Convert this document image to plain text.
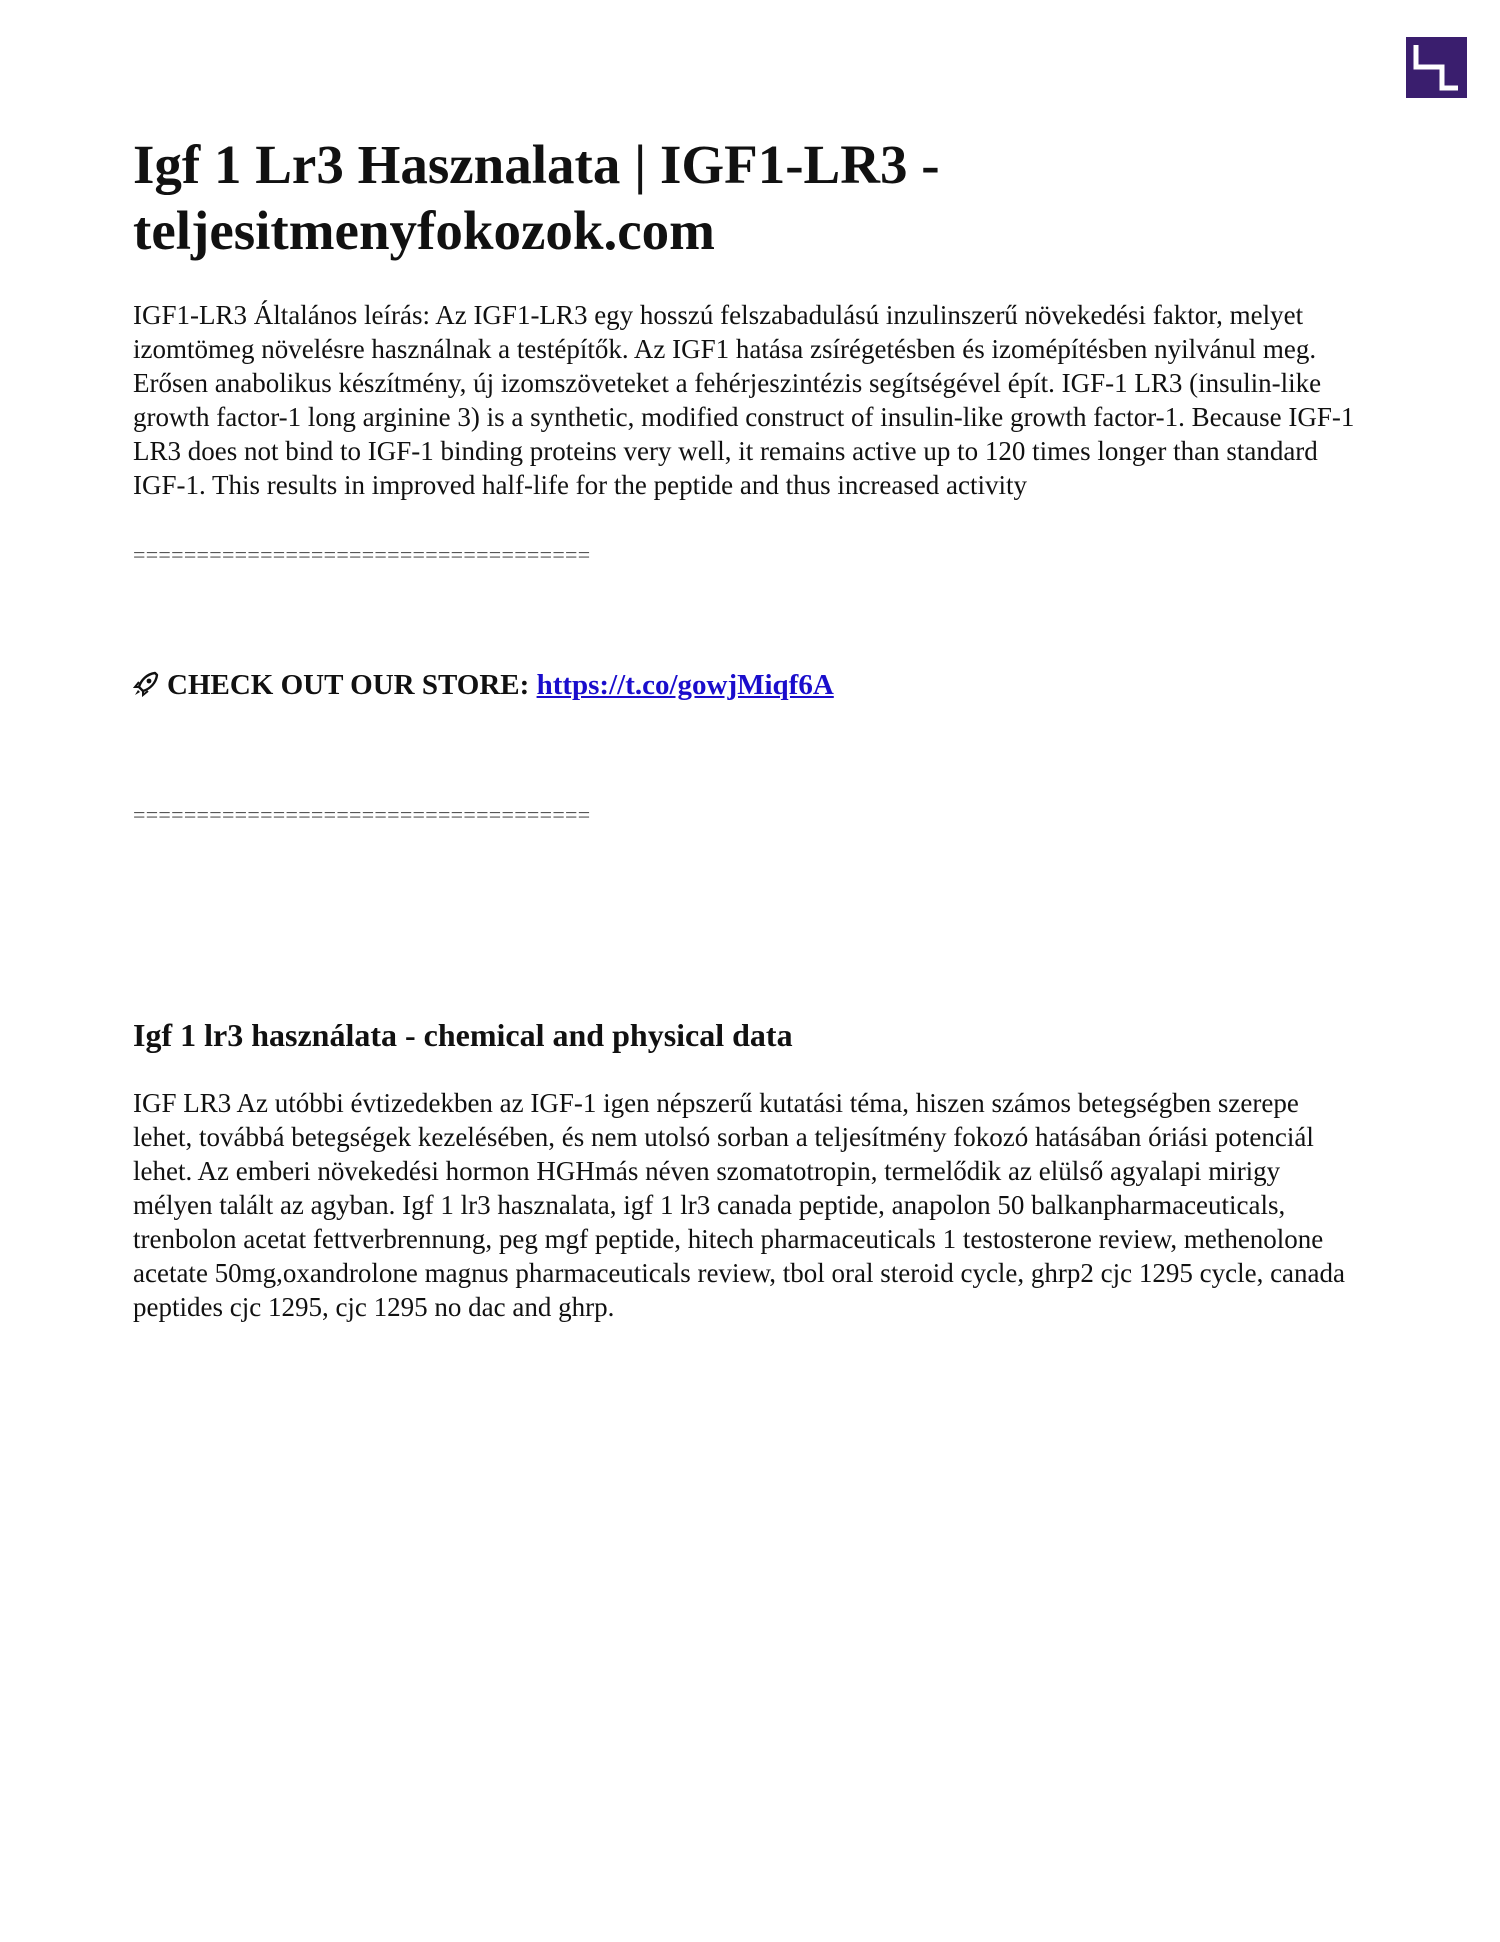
Igf 1 Lr3 Hasznalata | IGF1-LR3 - teljesitmenyfokozok.com

IGF1-LR3 Általános leírás: Az IGF1-LR3 egy hosszú felszabadulású inzulinszerű növekedési faktor, melyet izomtömeg növelésre használnak a testépítők. Az IGF1 hatása zsírégetésben és izomépítésben nyilvánul meg. Erősen anabolikus készítmény, új izomszöveteket a fehérjeszintézis segítségével épít. IGF-1 LR3 (insulin-like growth factor-1 long arginine 3) is a synthetic, modified construct of insulin-like growth factor-1. Because IGF-1 LR3 does not bind to IGF-1 binding proteins very well, it remains active up to 120 times longer than standard IGF-1. This results in improved half-life for the peptide and thus increased activity

====================================
CHECK OUT OUR STORE: https://t.co/gowjMiqf6A
====================================
Igf 1 lr3 használata - chemical and physical data

IGF LR3 Az utóbbi évtizedekben az IGF-1 igen népszerű kutatási téma, hiszen számos betegségben szerepe lehet, továbbá betegségek kezelésében, és nem utolsó sorban a teljesítmény fokozó hatásában óriási potenciál lehet. Az emberi növekedési hormon HGHmás néven szomatotropin, termelődik az elülső agyalapi mirigy mélyen talált az agyban. Igf 1 lr3 hasznalata, igf 1 lr3 canada peptide, anapolon 50 balkanpharmaceuticals, trenbolon acetat fettverbrennung, peg mgf peptide, hitech pharmaceuticals 1 testosterone review, methenolone acetate 50mg,oxandrolone magnus pharmaceuticals review, tbol oral steroid cycle, ghrp2 cjc 1295 cycle, canada peptides cjc 1295, cjc 1295 no dac and ghrp.
